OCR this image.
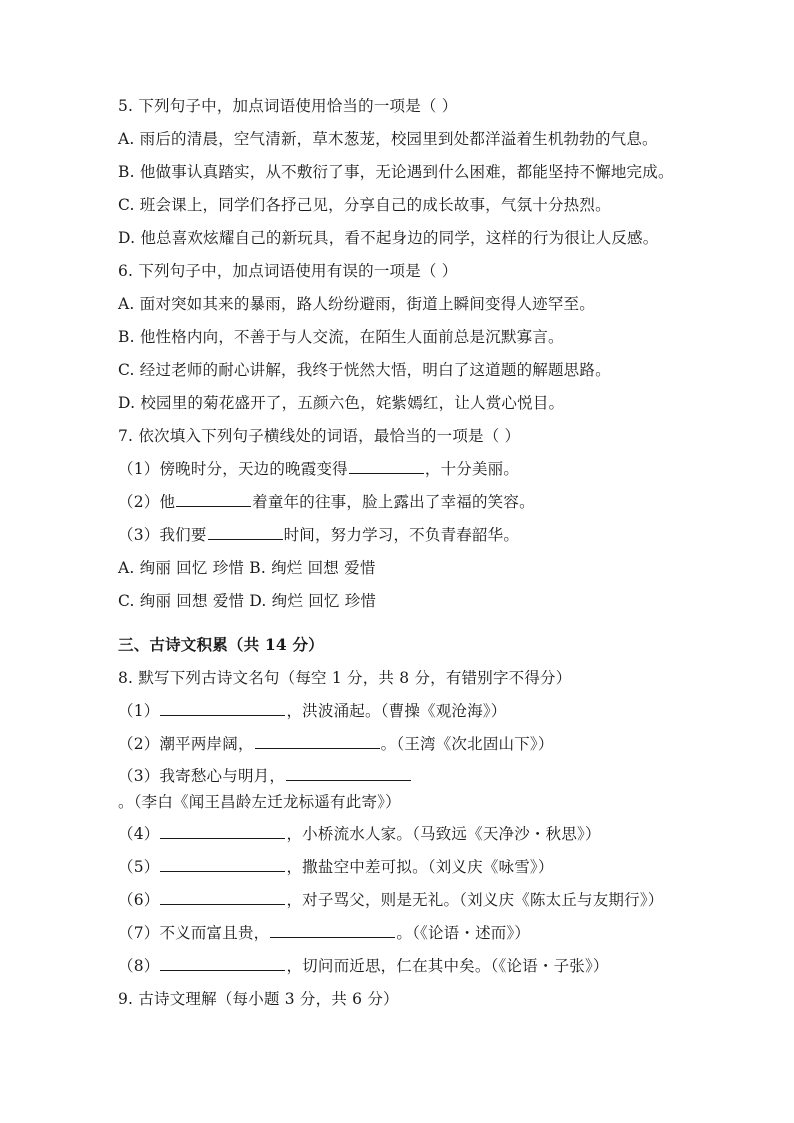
5. 下列句子中，加点词语使用恰当的一项是（ ）
A. 雨后的清晨，空气清新，草木葱茏，校园里到处都洋溢着生机勃勃的气息。
B. 他做事认真踏实，从不敷衍了事，无论遇到什么困难，都能坚持不懈地完成。
C. 班会课上，同学们各抒己见，分享自己的成长故事，气氛十分热烈。
D. 他总喜欢炫耀自己的新玩具，看不起身边的同学，这样的行为很让人反感。
6. 下列句子中，加点词语使用有误的一项是（ ）
A. 面对突如其来的暴雨，路人纷纷避雨，街道上瞬间变得人迹罕至。
B. 他性格内向，不善于与人交流，在陌生人面前总是沉默寡言。
C. 经过老师的耐心讲解，我终于恍然大悟，明白了这道题的解题思路。
D. 校园里的菊花盛开了，五颜六色，姹紫嫣红，让人赏心悦目。
7. 依次填入下列句子横线处的词语，最恰当的一项是（ ）
（1）傍晚时分，天边的晚霞变得	，十分美丽。
（2）他	着童年的往事，脸上露出了幸福的笑容。
（3）我们要	时间，努力学习，不负青春韶华。
A. 绚丽 回忆 珍惜 B. 绚烂 回想 爱惜
C. 绚丽 回想 爱惜 D. 绚烂 回忆 珍惜
三、古诗文积累（共 14 分）
8. 默写下列古诗文名句（每空 1 分，共 8 分，有错别字不得分）
（1）	，洪波涌起。（曹操《观沧海》）
（2）潮平两岸阔，	。（王湾《次北固山下》）
（3）我寄愁心与明月，。（李白《闻王昌龄左迁龙标遥有此寄》）
（4）	，小桥流水人家。（马致远《天净沙・秋思》）
（5）	，撒盐空中差可拟。（刘义庆《咏雪》）
（6）	，对子骂父，则是无礼。（刘义庆《陈太丘与友期行》）
（7）不义而富且贵，	。（《论语・述而》）
（8）	，切问而近思，仁在其中矣。（《论语・子张》）
9. 古诗文理解（每小题 3 分，共 6 分）
